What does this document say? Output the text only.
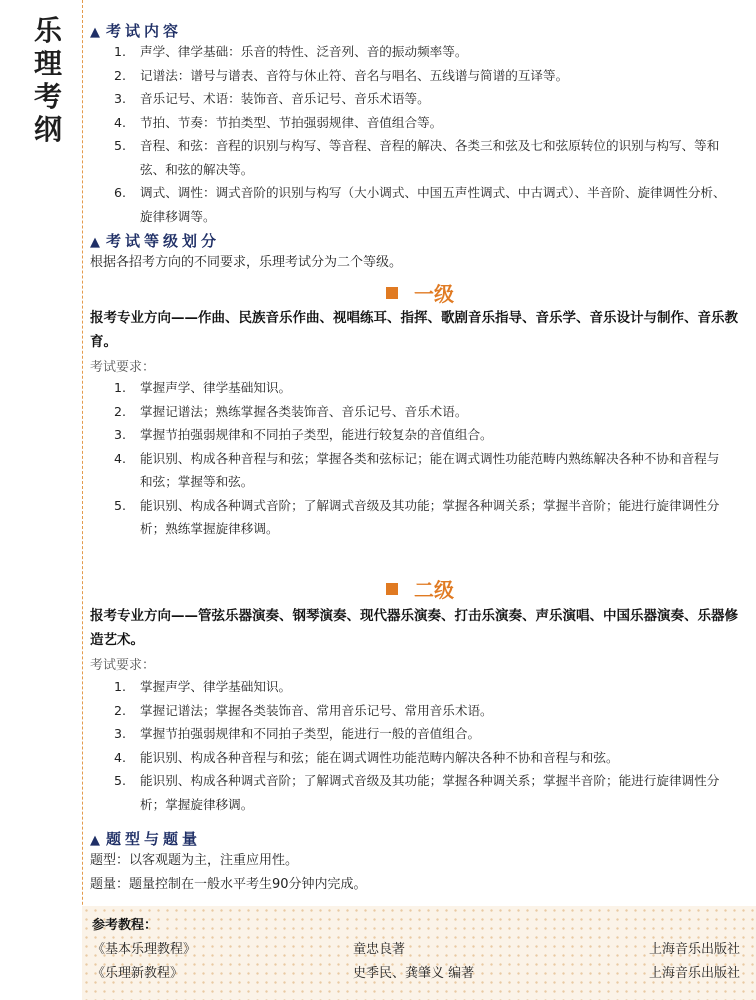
乐
理
考
纲
▲ 考试内容
1. 声学、律学基础：乐音的特性、泛音列、音的振动频率等。
2. 记谱法：谱号与谱表、音符与休止符、音名与唱名、五线谱与简谱的互译等。
3. 音乐记号、术语：装饰音、音乐记号、音乐术语等。
4. 节拍、节奏：节拍类型、节拍强弱规律、音值组合等。
5. 音程、和弦：音程的识别与构写、等音程、音程的解决、各类三和弦及七和弦原转位的识别与构写、等和弦、和弦的解决等。
6. 调式、调性：调式音阶的识别与构写（大小调式、中国五声性调式、中古调式）、半音阶、旋律调性分析、旋律移调等。
▲ 考试等级划分
根据各招考方向的不同要求，乐理考试分为二个等级。
一级
报考专业方向——作曲、民族音乐作曲、视唱练耳、指挥、歌剧音乐指导、音乐学、音乐设计与制作、音乐教育。
考试要求：
1. 掌握声学、律学基础知识。
2. 掌握记谱法；熟练掌握各类装饰音、音乐记号、音乐术语。
3. 掌握节拍强弱规律和不同拍子类型，能进行较复杂的音值组合。
4. 能识别、构成各种音程与和弦；掌握各类和弦标记；能在调式调性功能范畴内熟练解决各种不协和音程与和弦；掌握等和弦。
5. 能识别、构成各种调式音阶；了解调式音级及其功能；掌握各种调关系；掌握半音阶；能进行旋律调性分析；熟练掌握旋律移调。
二级
报考专业方向——管弦乐器演奏、钢琴演奏、现代器乐演奏、打击乐演奏、声乐演唱、中国乐器演奏、乐器修造艺术。
考试要求：
1. 掌握声学、律学基础知识。
2. 掌握记谱法；掌握各类装饰音、常用音乐记号、常用音乐术语。
3. 掌握节拍强弱规律和不同拍子类型，能进行一般的音值组合。
4. 能识别、构成各种音程与和弦；能在调式调性功能范畴内解决各种不协和音程与和弦。
5. 能识别、构成各种调式音阶；了解调式音级及其功能；掌握各种调关系；掌握半音阶；能进行旋律调性分析；掌握旋律移调。
▲ 题型与题量
题型：以客观题为主，注重应用性。
题量：题量控制在一般水平考生90分钟内完成。
参考教程：
《基本乐理教程》	童忠良著	上海音乐出版社
《乐理新教程》	史季民、龚肇义 编著	上海音乐出版社
